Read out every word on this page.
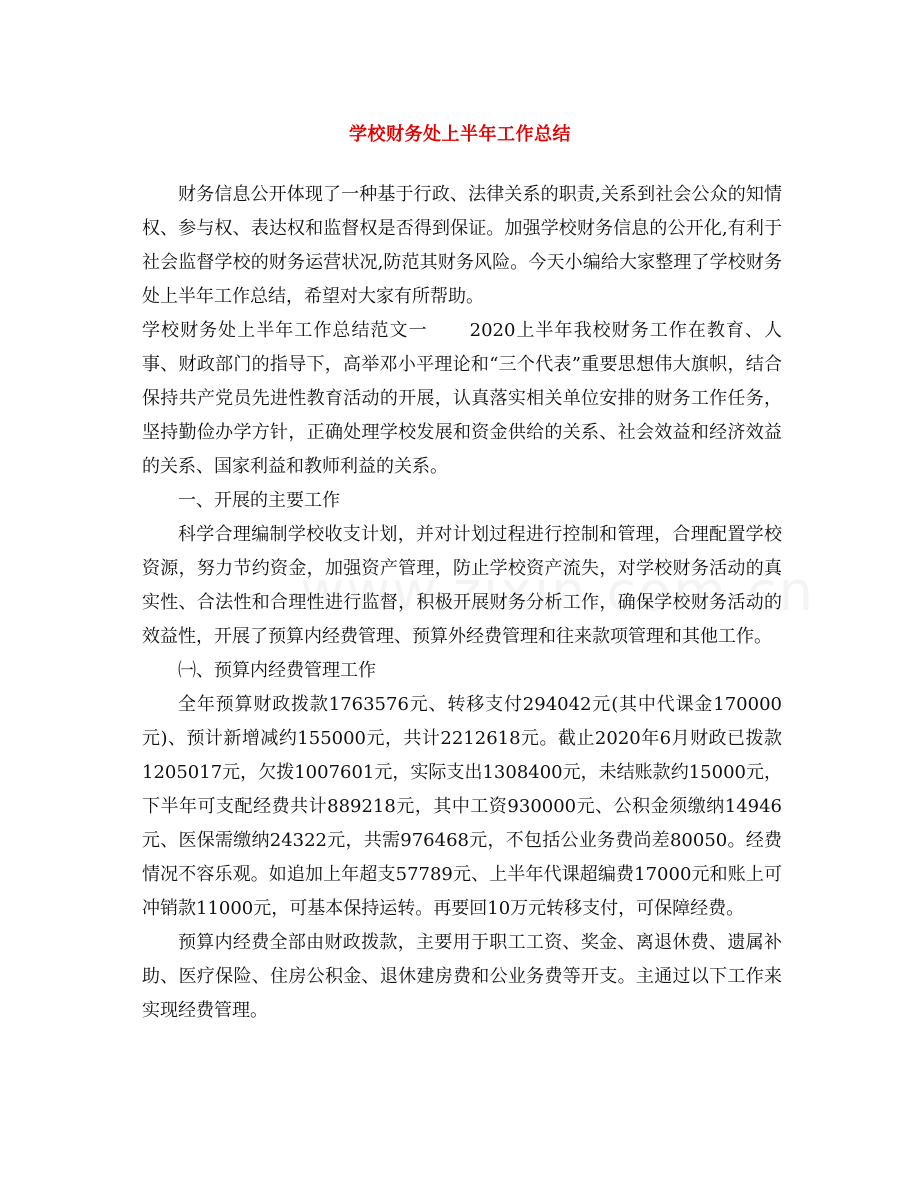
学校财务处上半年工作总结

财务信息公开体现了一种基于行政、法律关系的职责,关系到社会公众的知情权、参与权、表达权和监督权是否得到保证。加强学校财务信息的公开化,有利于社会监督学校的财务运营状况,防范其财务风险。今天小编给大家整理了学校财务处上半年工作总结，希望对大家有所帮助。

学校财务处上半年工作总结范文一 2020上半年我校财务工作在教育、人事、财政部门的指导下，高举邓小平理论和“三个代表”重要思想伟大旗帜，结合保持共产党员先进性教育活动的开展，认真落实相关单位安排的财务工作任务，坚持勤俭办学方针，正确处理学校发展和资金供给的关系、社会效益和经济效益的关系、国家利益和教师利益的关系。

一、开展的主要工作

科学合理编制学校收支计划，并对计划过程进行控制和管理，合理配置学校资源，努力节约资金，加强资产管理，防止学校资产流失，对学校财务活动的真实性、合法性和合理性进行监督，积极开展财务分析工作，确保学校财务活动的效益性，开展了预算内经费管理、预算外经费管理和往来款项管理和其他工作。

㈠、预算内经费管理工作

全年预算财政拨款1763576元、转移支付294042元(其中代课金170000元)、预计新增减约155000元，共计2212618元。截止2020年6月财政已拨款1205017元，欠拨1007601元，实际支出1308400元，未结账款约15000元，下半年可支配经费共计889218元，其中工资930000元、公积金须缴纳14946元、医保需缴纳24322元，共需976468元，不包括公业务费尚差80050。经费情况不容乐观。如追加上年超支57789元、上半年代课超编费17000元和账上可冲销款11000元，可基本保持运转。再要回10万元转移支付，可保障经费。

预算内经费全部由财政拨款，主要用于职工工资、奖金、离退休费、遗属补助、医疗保险、住房公积金、退休建房费和公业务费等开支。主通过以下工作来实现经费管理。
